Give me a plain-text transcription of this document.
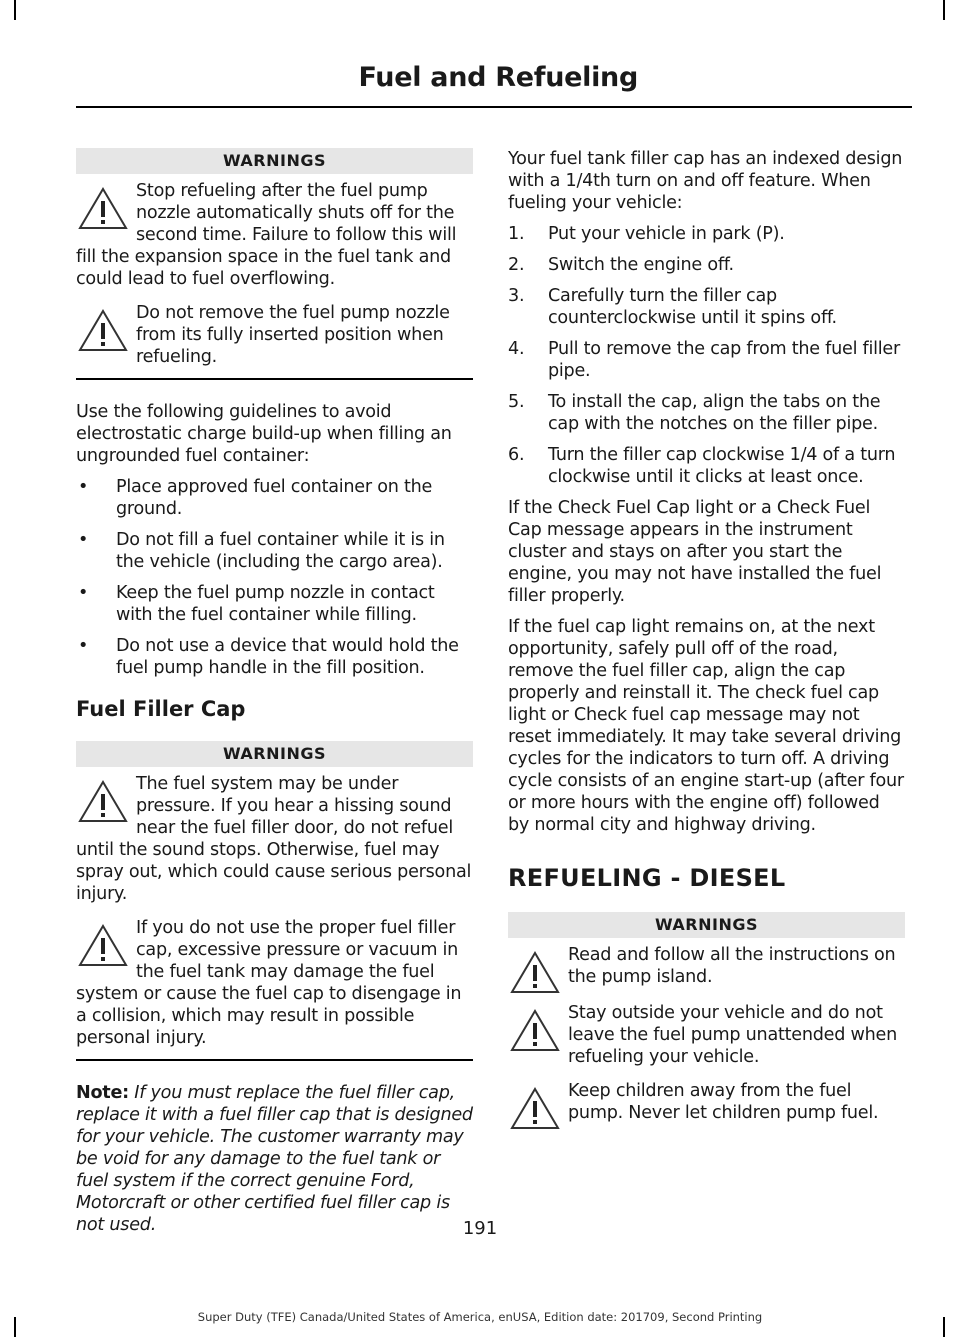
Fuel and Refueling
WARNINGS

Stop refueling after the fuel pump nozzle automatically shuts off for the second time. Failure to follow this will fill the expansion space in the fuel tank and could lead to fuel overflowing.

Do not remove the fuel pump nozzle from its fully inserted position when refueling.

Use the following guidelines to avoid electrostatic charge build-up when filling an ungrounded fuel container:

• Place approved fuel container on the ground.
• Do not fill a fuel container while it is in the vehicle (including the cargo area).
• Keep the fuel pump nozzle in contact with the fuel container while filling.
• Do not use a device that would hold the fuel pump handle in the fill position.

Fuel Filler Cap

WARNINGS

The fuel system may be under pressure. If you hear a hissing sound near the fuel filler door, do not refuel until the sound stops. Otherwise, fuel may spray out, which could cause serious personal injury.

If you do not use the proper fuel filler cap, excessive pressure or vacuum in the fuel tank may damage the fuel system or cause the fuel cap to disengage in a collision, which may result in possible personal injury.

Note: If you must replace the fuel filler cap, replace it with a fuel filler cap that is designed for your vehicle. The customer warranty may be void for any damage to the fuel tank or fuel system if the correct genuine Ford, Motorcraft or other certified fuel filler cap is not used.

Your fuel tank filler cap has an indexed design with a 1/4th turn on and off feature. When fueling your vehicle:

1. Put your vehicle in park (P).
2. Switch the engine off.
3. Carefully turn the filler cap counterclockwise until it spins off.
4. Pull to remove the cap from the fuel filler pipe.
5. To install the cap, align the tabs on the cap with the notches on the filler pipe.
6. Turn the filler cap clockwise 1/4 of a turn clockwise until it clicks at least once.

If the Check Fuel Cap light or a Check Fuel Cap message appears in the instrument cluster and stays on after you start the engine, you may not have installed the fuel filler properly.

If the fuel cap light remains on, at the next opportunity, safely pull off of the road, remove the fuel filler cap, align the cap properly and reinstall it. The check fuel cap light or Check fuel cap message may not reset immediately. It may take several driving cycles for the indicators to turn off. A driving cycle consists of an engine start-up (after four or more hours with the engine off) followed by normal city and highway driving.

REFUELING - DIESEL

WARNINGS

Read and follow all the instructions on the pump island.

Stay outside your vehicle and do not leave the fuel pump unattended when refueling your vehicle.

Keep children away from the fuel pump. Never let children pump fuel.

191
Super Duty (TFE) Canada/United States of America, enUSA, Edition date: 201709, Second Printing
